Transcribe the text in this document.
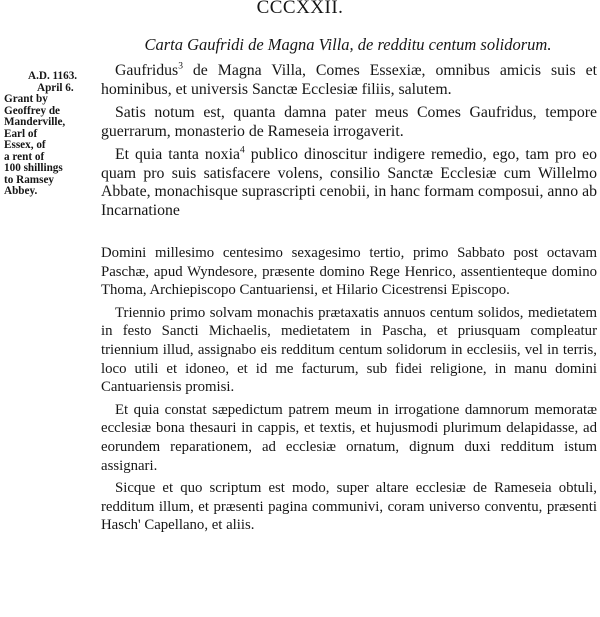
CCCXXII.
Carta Gaufridi de Magna Villa, de redditu centum solidorum.
A.D. 1163.
April 6.
Grant by
Geoffrey de
Manderville,
Earl of
Essex, of
a rent of
100 shillings
to Ramsey
Abbey.

Gaufridus$^3$ de Magna Villa, Comes Essexiæ, omnibus amicis suis et hominibus, et universis Sanctæ Ecclesiæ filiis, salutem.

Satis notum est, quanta damna pater meus Comes Gaufridus, tempore guerrarum, monasterio de Rameseia irrogaverit.

Et quia tanta noxia$^4$ publico dinoscitur indigere remedio, ego, tam pro eo quam pro suis satisfacere volens, consilio Sanctæ Ecclesiæ cum Willelmo Abbate, monachisque suprascripti cenobii, in hanc formam composui, anno ab Incarnatione

Domini millesimo centesimo sexagesimo tertio, primo Sabbato post octavam Paschæ, apud Wyndesore, præsente domino Rege Henrico, assentienteque domino Thoma, Archiepiscopo Cantuariensi, et Hilario Cicestrensi Episcopo.

Triennio primo solvam monachis prætaxatis annuos centum solidos, medietatem in festo Sancti Michaelis, medietatem in Pascha, et priusquam compleatur triennium illud, assignabo eis redditum centum solidorum in ecclesiis, vel in terris, loco utili et idoneo, et id me facturum, sub fidei religione, in manu domini Cantuariensis promisi.

Et quia constat sæpedictum patrem meum in irrogatione damnorum memoratæ ecclesiæ bona thesauri in cappis, et textis, et hujusmodi plurimum delapidasse, ad eorundem reparationem, ad ecclesiæ ornatum, dignum duxi redditum istum assignari.

Sicque et quo scriptum est modo, super altare ecclesiæ de Rameseia obtuli, redditum illum, et præsenti pagina communivi, coram universo conventu, præsenti Hasch' Capellano, et aliis.
